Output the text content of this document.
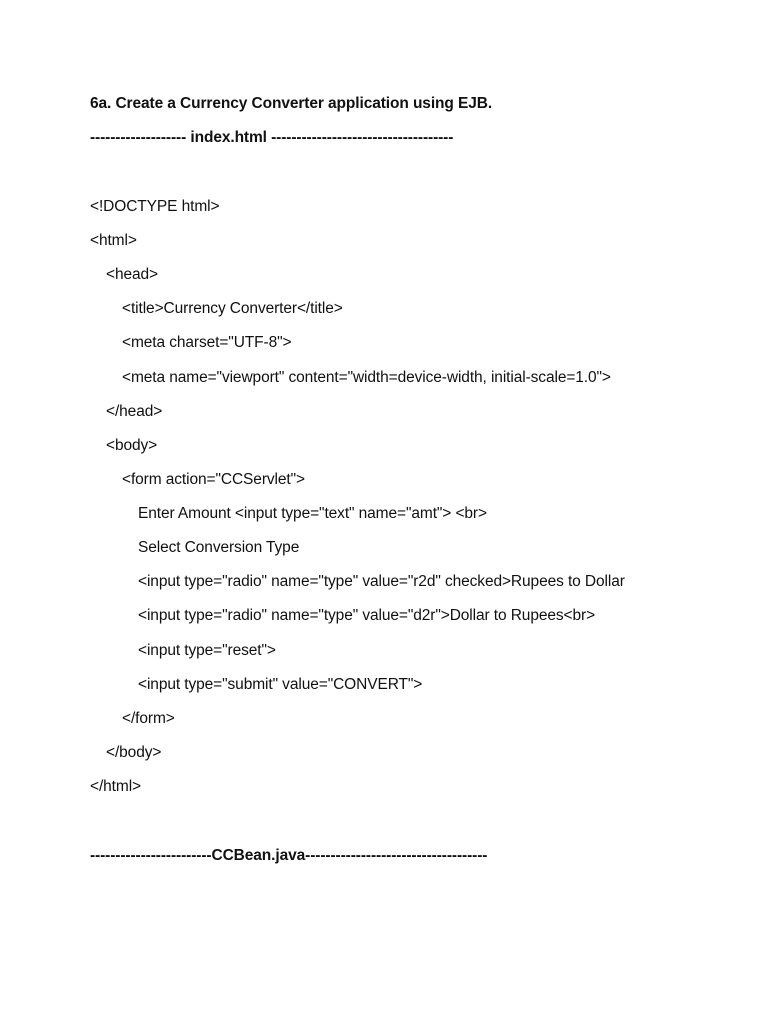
6a. Create a Currency Converter application using EJB.
------------------- index.html ------------------------------------
<!DOCTYPE html>
<html>
<head>
<title>Currency Converter</title>
<meta charset="UTF-8">
<meta name="viewport" content="width=device-width, initial-scale=1.0">
</head>
<body>
<form action="CCServlet">
Enter Amount <input type="text" name="amt"> <br>
Select Conversion Type
<input type="radio" name="type" value="r2d" checked>Rupees to Dollar
<input type="radio" name="type" value="d2r">Dollar to Rupees<br>
<input type="reset">
<input type="submit" value="CONVERT">
</form>
</body>
</html>
------------------------CCBean.java------------------------------------
